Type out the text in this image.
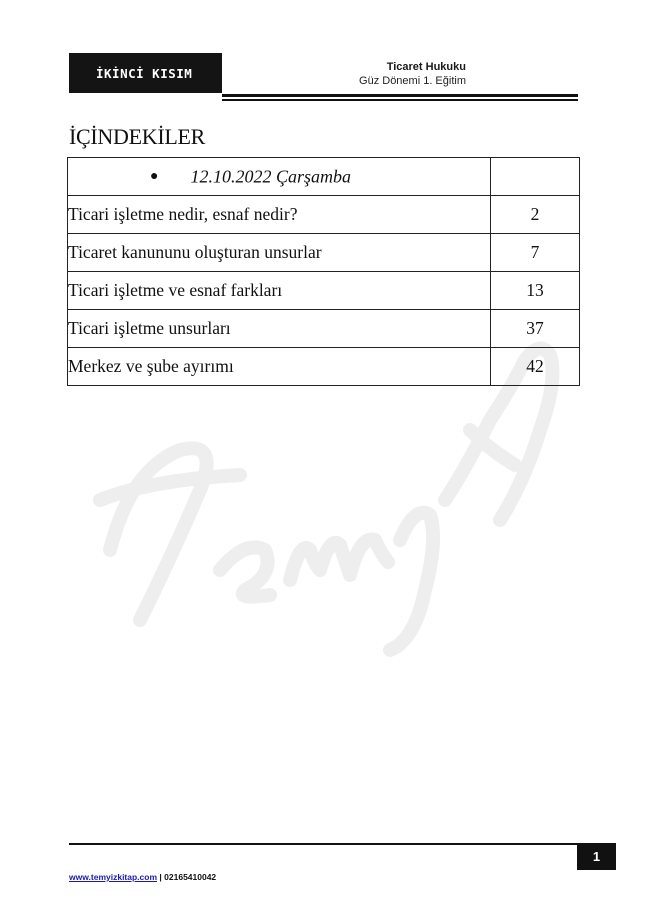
İKİNCİ KISIM	Ticaret Hukuku
Güz Dönemi 1. Eğitim
İÇİNDEKİLER
● 12.10.2022 Çarşamba	
Ticari işletme nedir, esnaf nedir?	2
Ticaret kanununu oluşturan unsurlar	7
Ticari işletme ve esnaf farkları	13
Ticari işletme unsurları	37
Merkez ve şube ayırımı	42
1
www.temyizkitap.com | 02165410042
